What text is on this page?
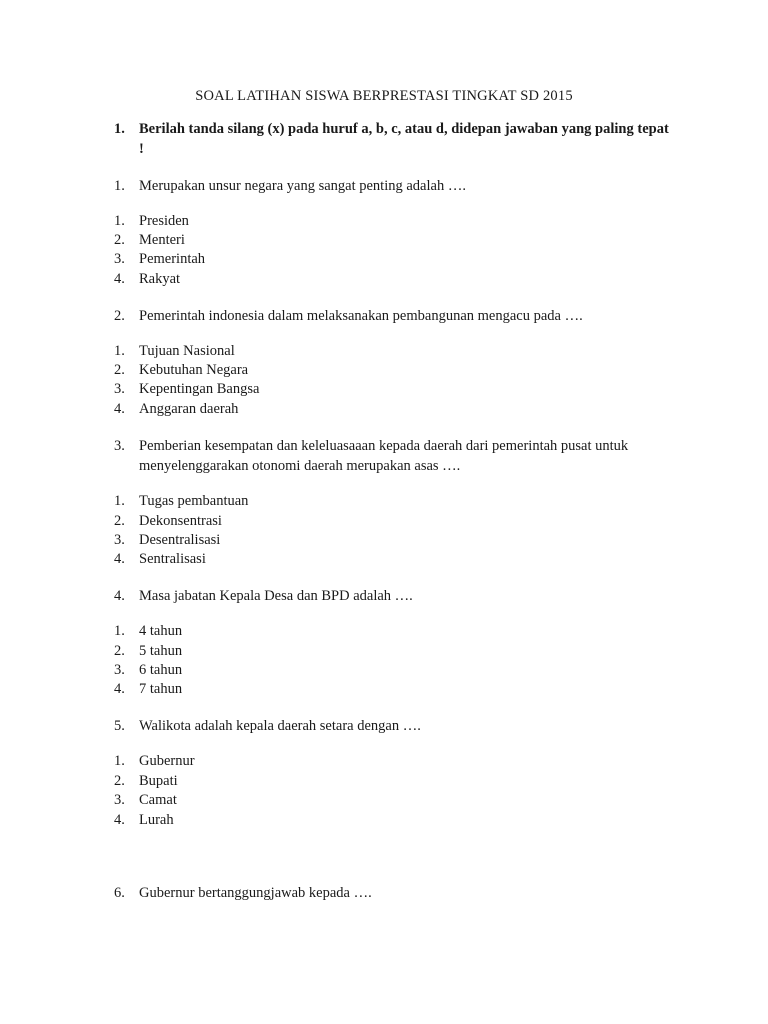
SOAL LATIHAN SISWA BERPRESTASI TINGKAT SD 2015
1. Berilah tanda silang (x) pada huruf a, b, c, atau d, didepan jawaban yang paling tepat !
1. Merupakan unsur negara yang sangat penting adalah ….
1. Presiden
2. Menteri
3. Pemerintah
4. Rakyat
2. Pemerintah indonesia dalam melaksanakan pembangunan mengacu pada ….
1. Tujuan Nasional
2. Kebutuhan Negara
3. Kepentingan Bangsa
4. Anggaran daerah
3. Pemberian kesempatan dan keleluasaaan kepada daerah dari pemerintah pusat untuk
menyelenggarakan otonomi daerah merupakan asas ….
1. Tugas pembantuan
2. Dekonsentrasi
3. Desentralisasi
4. Sentralisasi
4. Masa jabatan Kepala Desa dan BPD adalah ….
1. 4 tahun
2. 5 tahun
3. 6 tahun
4. 7 tahun
5. Walikota adalah kepala daerah setara dengan ….
1. Gubernur
2. Bupati
3. Camat
4. Lurah
6. Gubernur bertanggungjawab kepada ….
